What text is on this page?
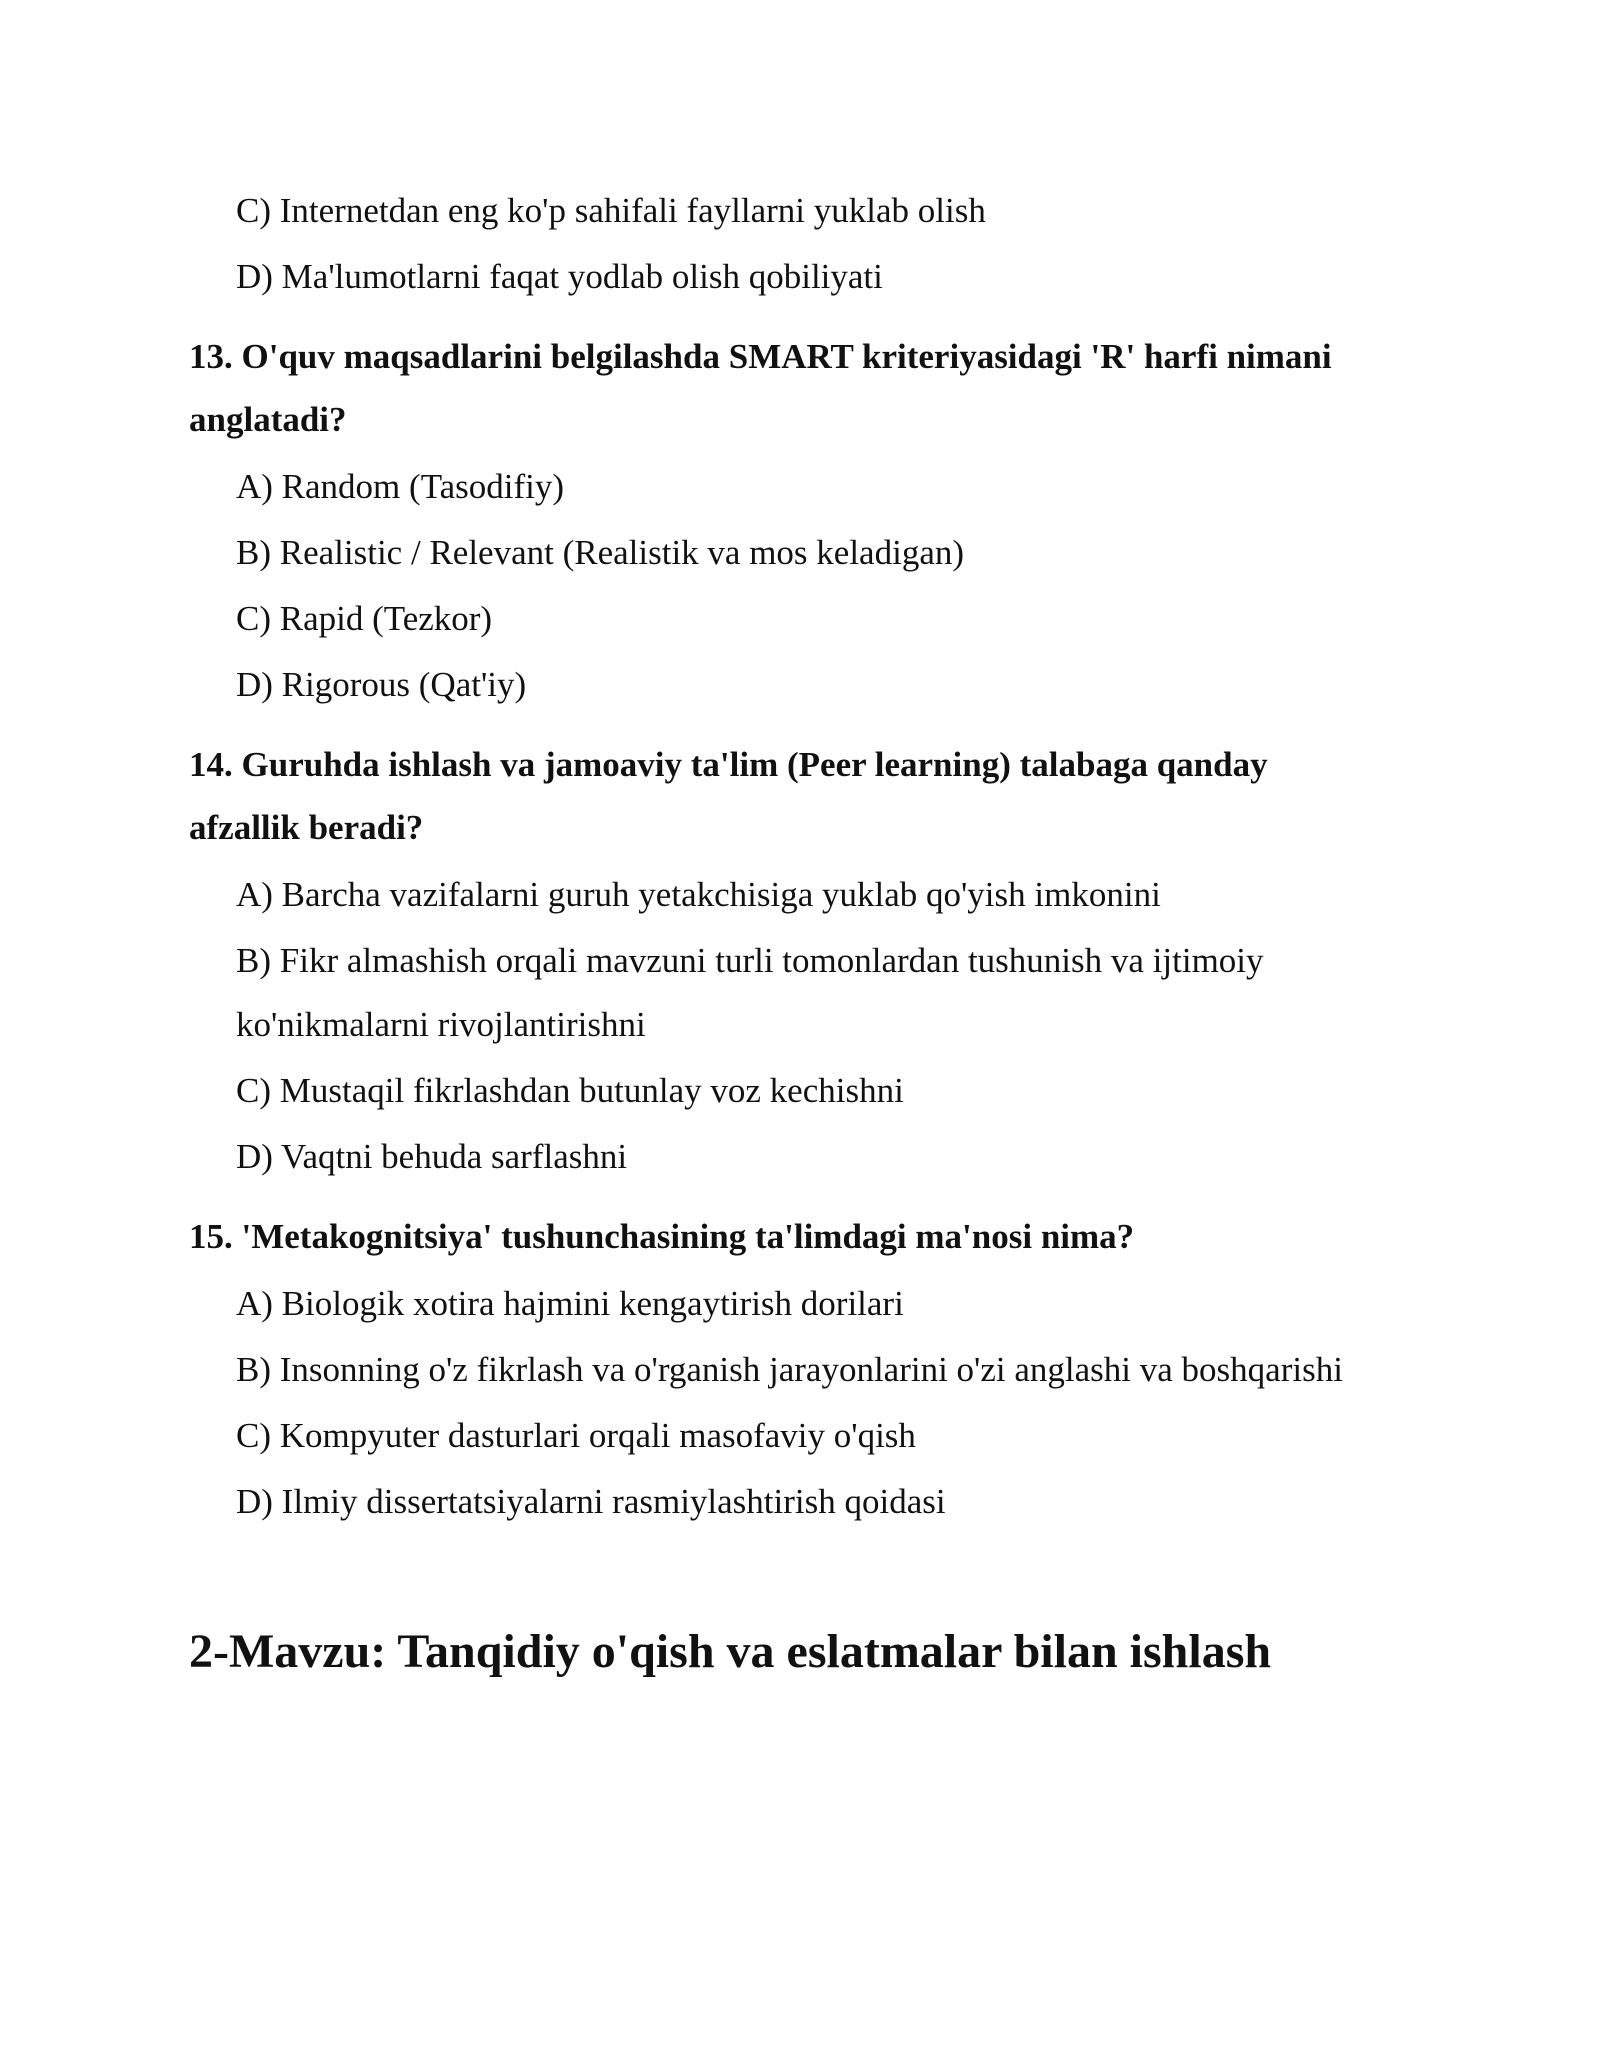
C) Internetdan eng ko'p sahifali fayllarni yuklab olish
D) Ma'lumotlarni faqat yodlab olish qobiliyati
13. O'quv maqsadlarini belgilashda SMART kriteriyasidagi 'R' harfi nimani
anglatadi?
A) Random (Tasodifiy)
B) Realistic / Relevant (Realistik va mos keladigan)
C) Rapid (Tezkor)
D) Rigorous (Qat'iy)
14. Guruhda ishlash va jamoaviy ta'lim (Peer learning) talabaga qanday
afzallik beradi?
A) Barcha vazifalarni guruh yetakchisiga yuklab qo'yish imkonini
B) Fikr almashish orqali mavzuni turli tomonlardan tushunish va ijtimoiy
ko'nikmalarni rivojlantirishni
C) Mustaqil fikrlashdan butunlay voz kechishni
D) Vaqtni behuda sarflashni
15. 'Metakognitsiya' tushunchasining ta'limdagi ma'nosi nima?
A) Biologik xotira hajmini kengaytirish dorilari
B) Insonning o'z fikrlash va o'rganish jarayonlarini o'zi anglashi va boshqarishi
C) Kompyuter dasturlari orqali masofaviy o'qish
D) Ilmiy dissertatsiyalarni rasmiylashtirish qoidasi
2-Mavzu: Tanqidiy o'qish va eslatmalar bilan ishlash
